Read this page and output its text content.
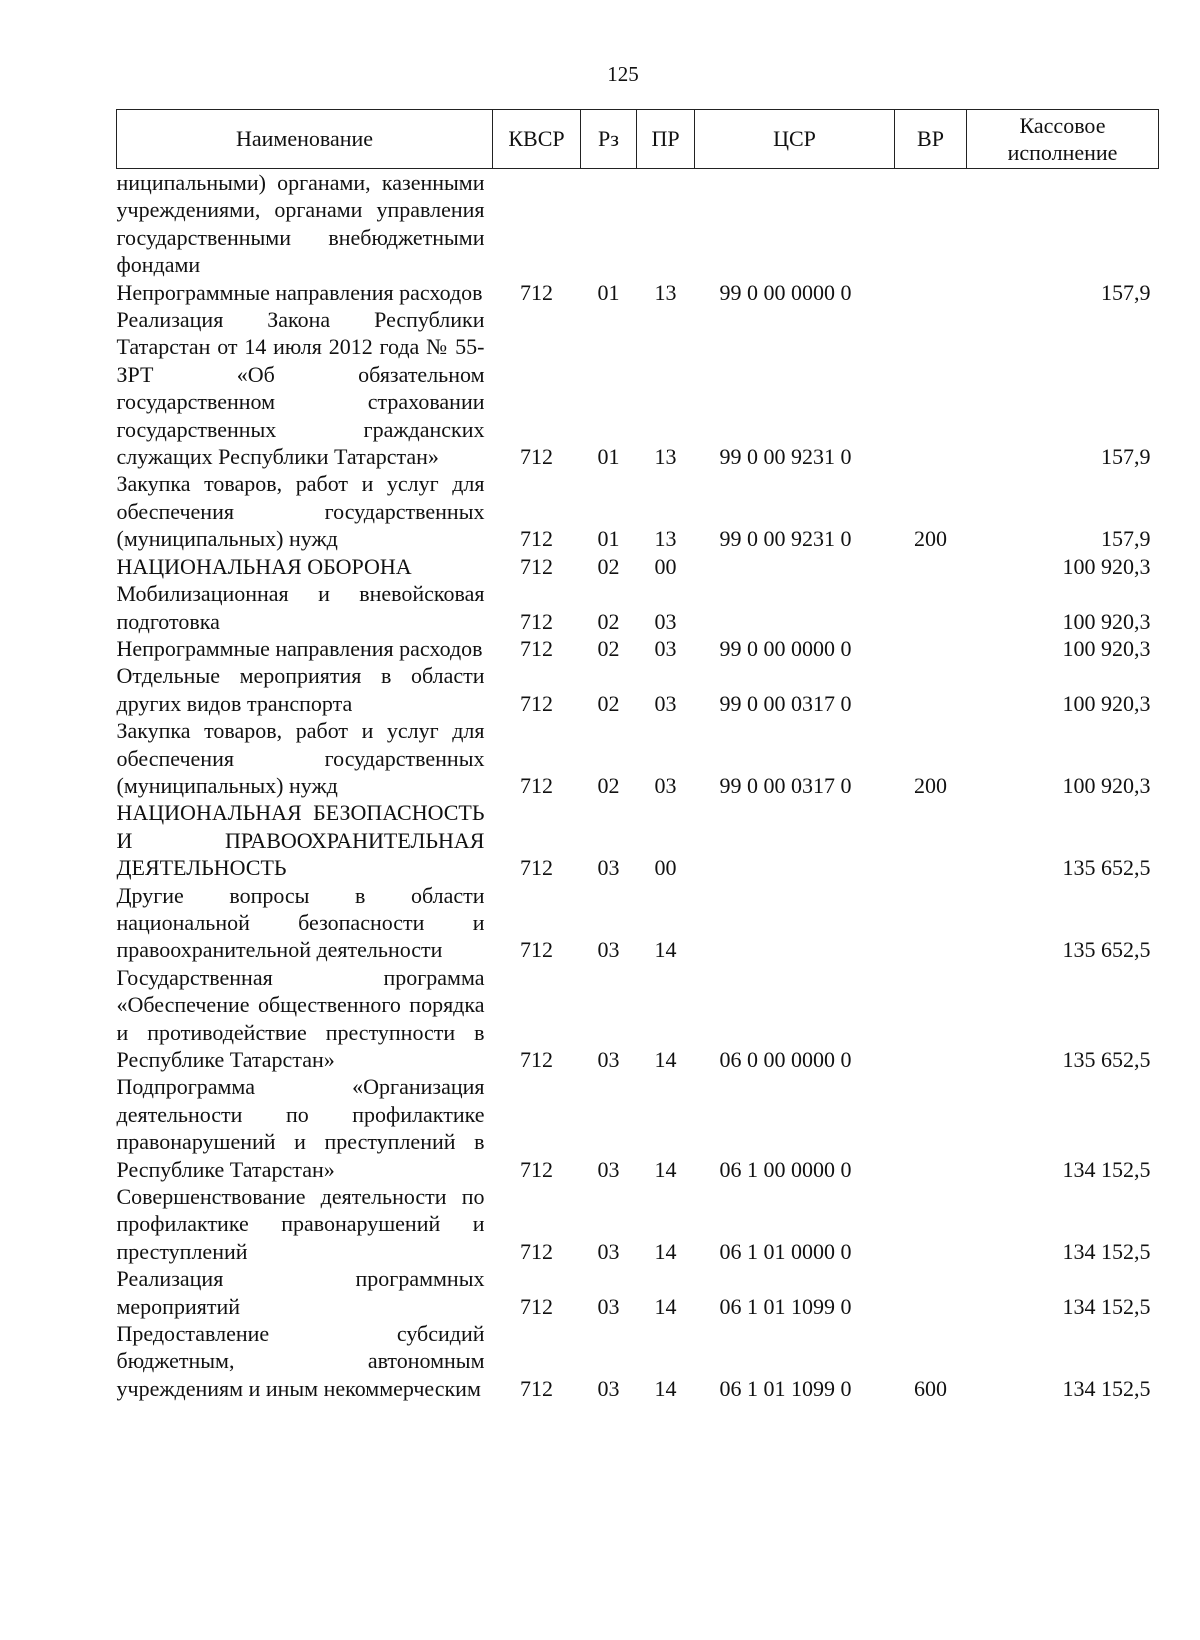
125
Наименование	КВСР	Рз	ПР	ЦСР	ВР	Кассовое исполнение
ниципальными) органами, казенными учреждениями, органами управления государственными внебюджетными фондами						
Непрограммные направления расходов	712	01	13	99 0 00 0000 0		157,9
Реализация Закона Республики Татарстан от 14 июля 2012 года № 55-ЗРТ «Об обязательном государственном страховании государственных гражданских служащих Республики Татарстан»	712	01	13	99 0 00 9231 0		157,9
Закупка товаров, работ и услуг для обеспечения государственных (муниципальных) нужд	712	01	13	99 0 00 9231 0	200	157,9
НАЦИОНАЛЬНАЯ ОБОРОНА	712	02	00			100 920,3
Мобилизационная и вневойсковая подготовка	712	02	03			100 920,3
Непрограммные направления расходов	712	02	03	99 0 00 0000 0		100 920,3
Отдельные мероприятия в области других видов транспорта	712	02	03	99 0 00 0317 0		100 920,3
Закупка товаров, работ и услуг для обеспечения государственных (муниципальных) нужд	712	02	03	99 0 00 0317 0	200	100 920,3
НАЦИОНАЛЬНАЯ БЕЗОПАСНОСТЬ И ПРАВООХРАНИТЕЛЬНАЯ ДЕЯТЕЛЬНОСТЬ	712	03	00			135 652,5
Другие вопросы в области национальной безопасности и правоохранительной деятельности	712	03	14			135 652,5
Государственная программа «Обеспечение общественного порядка и противодействие преступности в Республике Татарстан»	712	03	14	06 0 00 0000 0		135 652,5
Подпрограмма «Организация деятельности по профилактике правонарушений и преступлений в Республике Татарстан»	712	03	14	06 1 00 0000 0		134 152,5
Совершенствование деятельности по профилактике правонарушений и преступлений	712	03	14	06 1 01 0000 0		134 152,5
Реализация программных мероприятий	712	03	14	06 1 01 1099 0		134 152,5
Предоставление субсидий бюджетным, автономным учреждениям и иным некоммерческим	712	03	14	06 1 01 1099 0	600	134 152,5
